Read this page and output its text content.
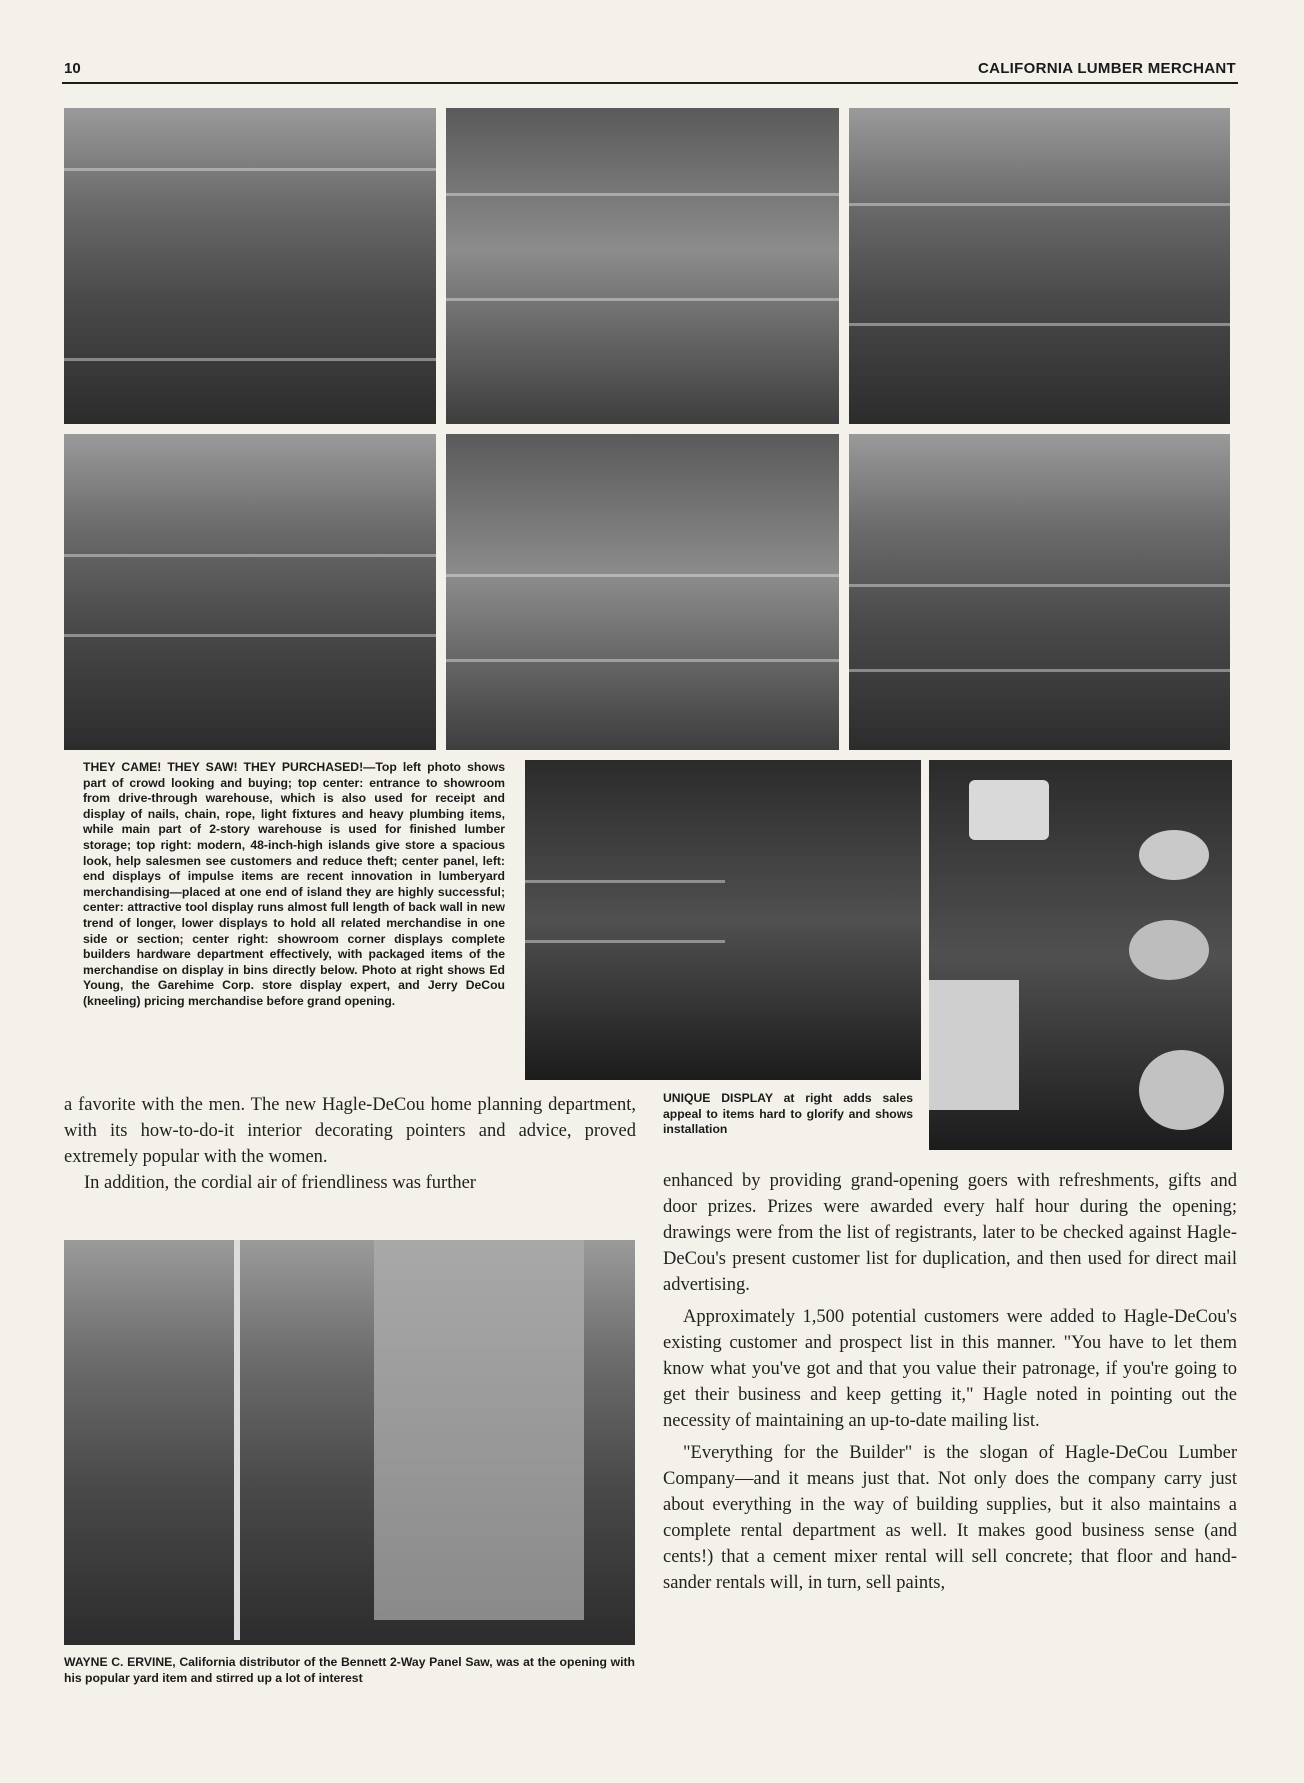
10	CALIFORNIA LUMBER MERCHANT
THEY CAME! THEY SAW! THEY PURCHASED!—Top left photo shows part of crowd looking and buying; top center: entrance to showroom from drive-through warehouse, which is also used for receipt and display of nails, chain, rope, light fixtures and heavy plumbing items, while main part of 2-story warehouse is used for finished lumber storage; top right: modern, 48-inch-high islands give store a spacious look, help salesmen see customers and reduce theft; center panel, left: end displays of impulse items are recent innovation in lumberyard merchandising—placed at one end of island they are highly successful; center: attractive tool display runs almost full length of back wall in new trend of longer, lower displays to hold all related merchandise in one side or section; center right: showroom corner displays complete builders hardware department effectively, with packaged items of the merchandise on display in bins directly below. Photo at right shows Ed Young, the Garehime Corp. store display expert, and Jerry DeCou (kneeling) pricing merchandise before grand opening.
UNIQUE DISPLAY at right adds sales appeal to items hard to glorify and shows installation

a favorite with the men. The new Hagle-DeCou home planning department, with its how-to-do-it interior decorating pointers and advice, proved extremely popular with the women.

In addition, the cordial air of friendliness was further

WAYNE C. ERVINE, California distributor of the Bennett 2-Way Panel Saw, was at the opening with his popular yard item and stirred up a lot of interest

enhanced by providing grand-opening goers with refreshments, gifts and door prizes. Prizes were awarded every half hour during the opening; drawings were from the list of registrants, later to be checked against Hagle-DeCou's present customer list for duplication, and then used for direct mail advertising.

Approximately 1,500 potential customers were added to Hagle-DeCou's existing customer and prospect list in this manner. "You have to let them know what you've got and that you value their patronage, if you're going to get their business and keep getting it," Hagle noted in pointing out the necessity of maintaining an up-to-date mailing list.

"Everything for the Builder" is the slogan of Hagle-DeCou Lumber Company—and it means just that. Not only does the company carry just about everything in the way of building supplies, but it also maintains a complete rental department as well. It makes good business sense (and cents!) that a cement mixer rental will sell concrete; that floor and hand-sander rentals will, in turn, sell paints,
